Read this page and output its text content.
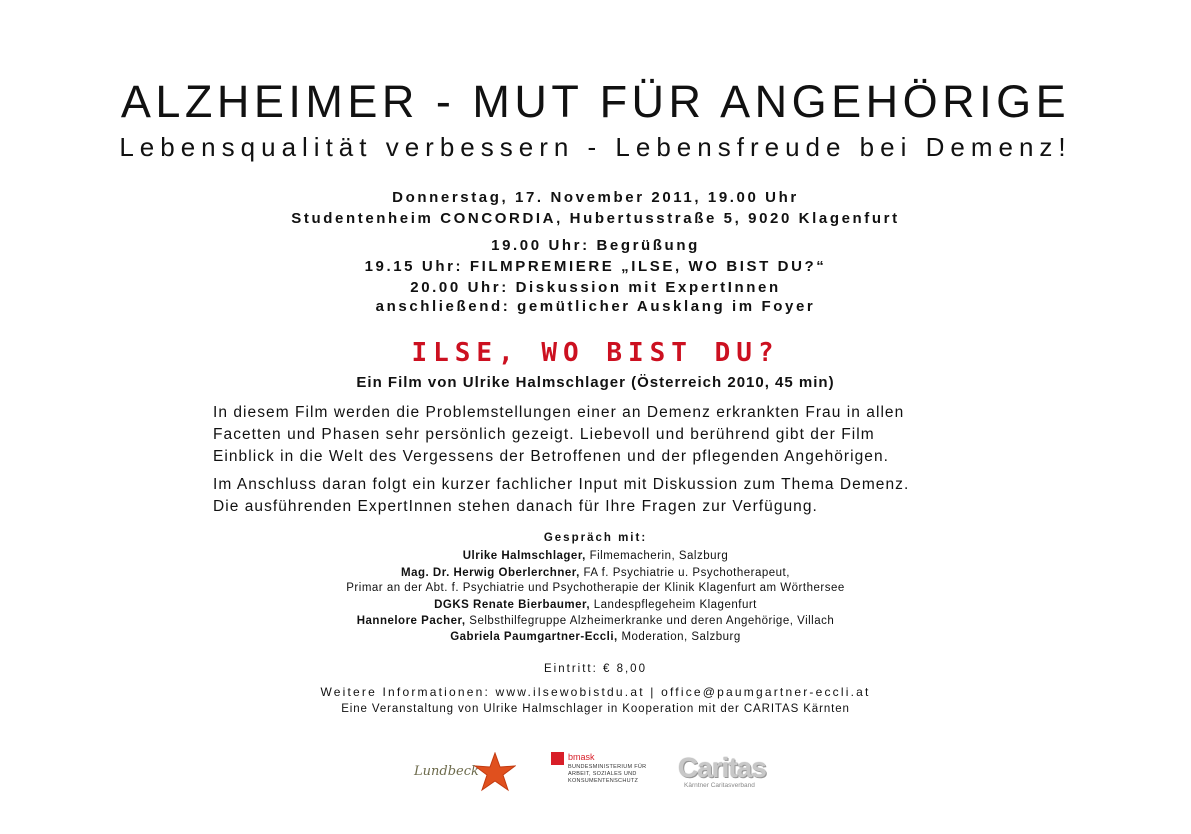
ALZHEIMER - MUT FÜR ANGEHÖRIGE
Lebensqualität verbessern - Lebensfreude bei Demenz!
Donnerstag, 17. November 2011, 19.00 Uhr
Studentenheim CONCORDIA, Hubertusstraße 5, 9020 Klagenfurt
19.00 Uhr: Begrüßung
19.15 Uhr: FILMPREMIERE „ILSE, WO BIST DU?“
20.00 Uhr: Diskussion mit ExpertInnen
anschließend: gemütlicher Ausklang im Foyer
ILSE, WO BIST DU?
Ein Film von Ulrike Halmschlager (Österreich 2010, 45 min)
In diesem Film werden die Problemstellungen einer an Demenz erkrankten Frau in allen
Facetten und Phasen sehr persönlich gezeigt. Liebevoll und berührend gibt der Film
Einblick in die Welt des Vergessens der Betroffenen und der pflegenden Angehörigen.
Im Anschluss daran folgt ein kurzer fachlicher Input mit Diskussion zum Thema Demenz.
Die ausführenden ExpertInnen stehen danach für Ihre Fragen zur Verfügung.
Gespräch mit:
Ulrike Halmschlager, Filmemacherin, Salzburg
Mag. Dr. Herwig Oberlerchner, FA f. Psychiatrie u. Psychotherapeut,
Primar an der Abt. f. Psychiatrie und Psychotherapie der Klinik Klagenfurt am Wörthersee
DGKS Renate Bierbaumer, Landespflegeheim Klagenfurt
Hannelore Pacher, Selbsthilfegruppe Alzheimerkranke und deren Angehörige, Villach
Gabriela Paumgartner-Eccli, Moderation, Salzburg
Eintritt: € 8,00
Weitere Informationen: www.ilsewobistdu.at | office@paumgartner-eccli.at
Eine Veranstaltung von Ulrike Halmschlager in Kooperation mit der CARITAS Kärnten
Lundbeck
bmask
BUNDESMINISTERIUM FÜR
ARBEIT, SOZIALES UND
KONSUMENTENSCHUTZ Caritas
Kärntner Caritasverband
